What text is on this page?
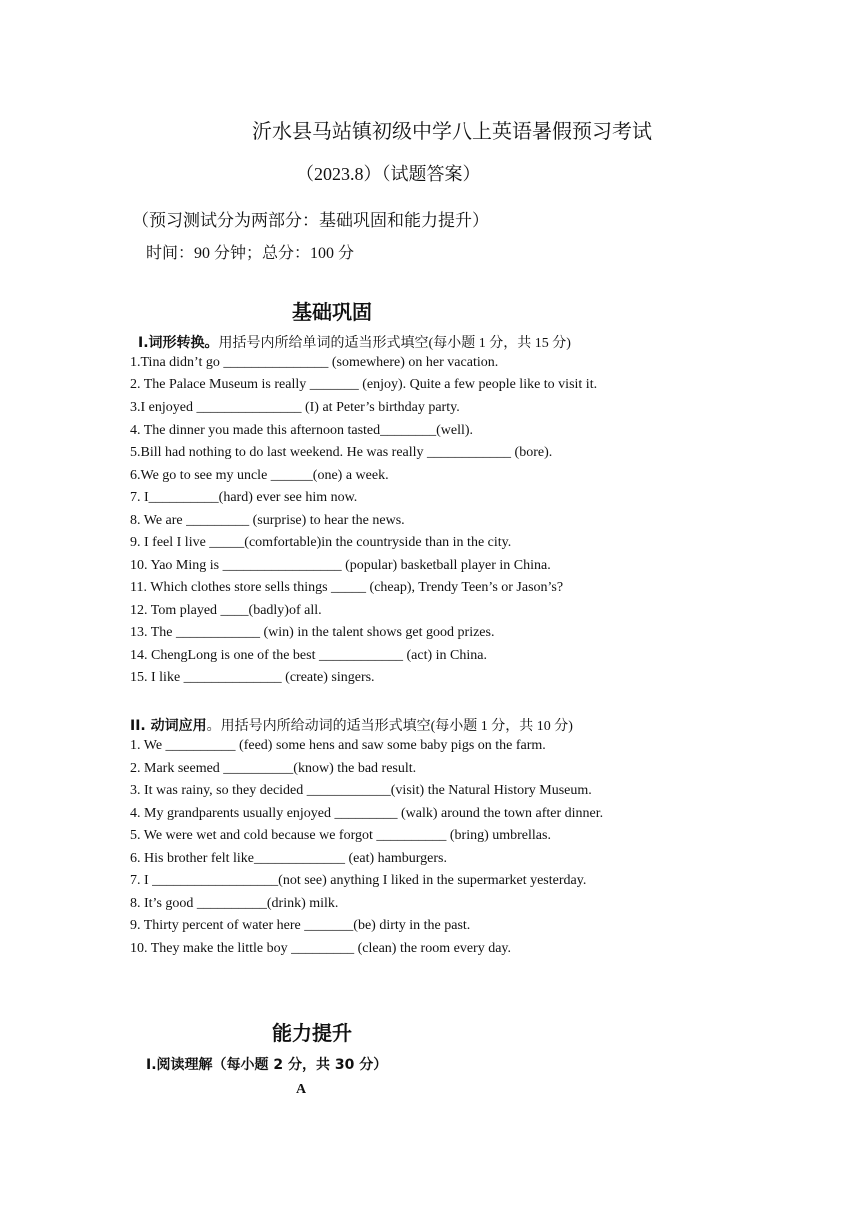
沂水县马站镇初级中学八上英语暑假预习考试
（2023.8）（试题答案）
（预习测试分为两部分：基础巩固和能力提升）
时间：90 分钟；总分：100 分
基础巩固
I.词形转换。用括号内所给单词的适当形式填空(每小题 1 分，共 15 分)
1.Tina didn’t go _______________ (somewhere) on her vacation.
2. The Palace Museum is really _______ (enjoy). Quite a few people like to visit it.
3.I enjoyed _______________ (I) at Peter’s birthday party.
4. The dinner you made this afternoon tasted________(well).
5.Bill had nothing to do last weekend. He was really ____________ (bore).
6.We go to see my uncle ______(one) a week.
7. I__________(hard) ever see him now.
8. We are _________ (surprise) to hear the news.
9. I feel I live _____(comfortable)in the countryside than in the city.
10. Yao Ming is _________________ (popular) basketball player in China.
11. Which clothes store sells things _____ (cheap), Trendy Teen’s or Jason’s?
12. Tom played ____(badly)of all.
13. The ____________ (win) in the talent shows get good prizes.
14. ChengLong is one of the best ____________ (act) in China.
15. I like ______________ (create) singers.
II. 动词应用。用括号内所给动词的适当形式填空(每小题 1 分，共 10 分)
1. We __________ (feed) some hens and saw some baby pigs on the farm.
2. Mark seemed __________(know) the bad result.
3. It was rainy, so they decided ____________(visit) the Natural History Museum.
4. My grandparents usually enjoyed _________ (walk) around the town after dinner.
5. We were wet and cold because we forgot __________ (bring) umbrellas.
6. His brother felt like_____________ (eat) hamburgers.
7. I __________________(not see) anything I liked in the supermarket yesterday.
8. It’s good __________(drink) milk.
9. Thirty percent of water here _______(be) dirty in the past.
10. They make the little boy _________ (clean) the room every day.
能力提升
I.阅读理解（每小题 2 分，共 30 分）
A
